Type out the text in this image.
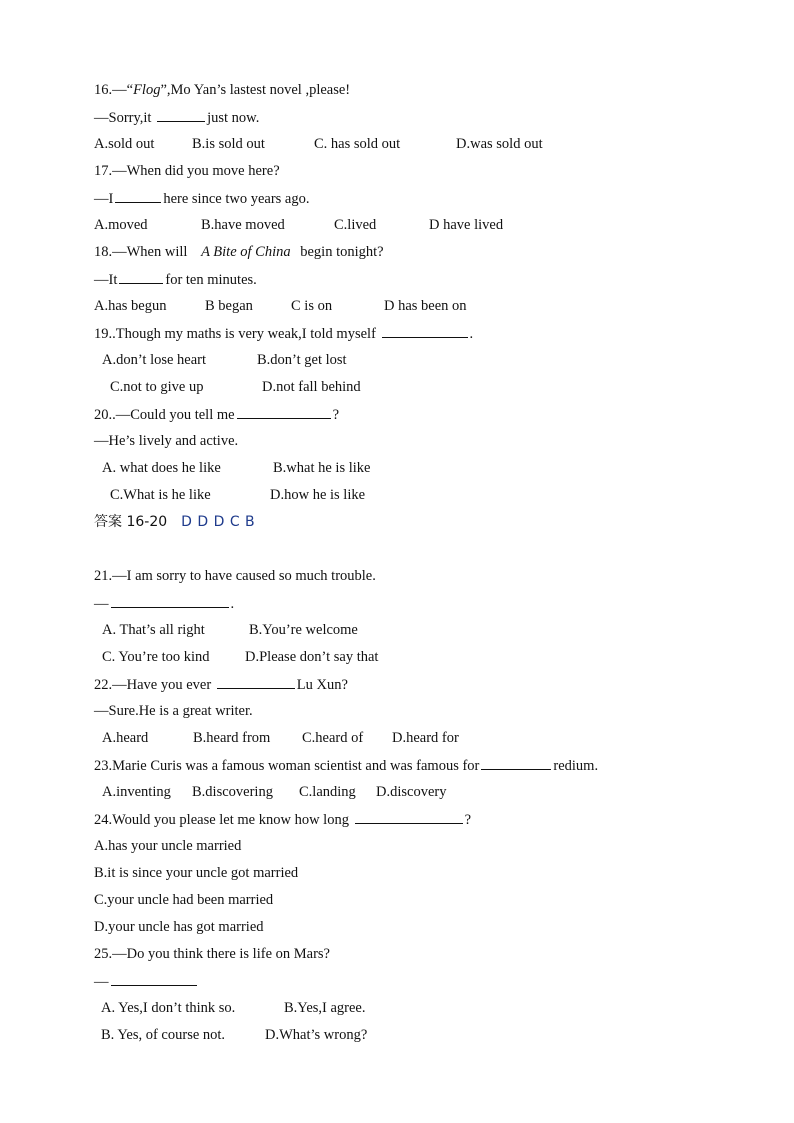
16.—“Flog”,Mo Yan’s lastest novel ,please!
—Sorry,it	just now.
A.sold out	B.is sold out	C. has sold out	D.was sold out
17.—When did you move here?
—I	here since two years ago.
A.moved	B.have moved	C.lived	D have lived
18.—When will A Bite of China begin tonight?
—It	for ten minutes.
A.has begun	B began	C is on	D has been on
19..Though my maths is very weak,I told myself	.
A.don’t lose heart	B.don’t get lost
C.not to give up	D.not fall behind
20..—Could you tell me	?
—He’s lively and active.
A. what does he like	B.what he is like
C.What is he like	D.how he is like
答案 16-20 D D D C B
21.—I am sorry to have caused so much trouble.
—	.
A. That’s all right	B.You’re welcome
C. You’re too kind D.Please don’t say that
22.—Have you ever	Lu Xun?
—Sure.He is a great writer.
A.heard	B.heard from C.heard of D.heard for
23.Marie Curis was a famous woman scientist and was famous for	redium.
A.inventing B.discovering C.landing D.discovery
24.Would you please let me know how long	?
A.has your uncle married
B.it is since your uncle got married
C.your uncle had been married
D.your uncle has got married
25.—Do you think there is life on Mars?
—
A. Yes,I don’t think so.	B.Yes,I agree.
B. Yes, of course not.	D.What’s wrong?
